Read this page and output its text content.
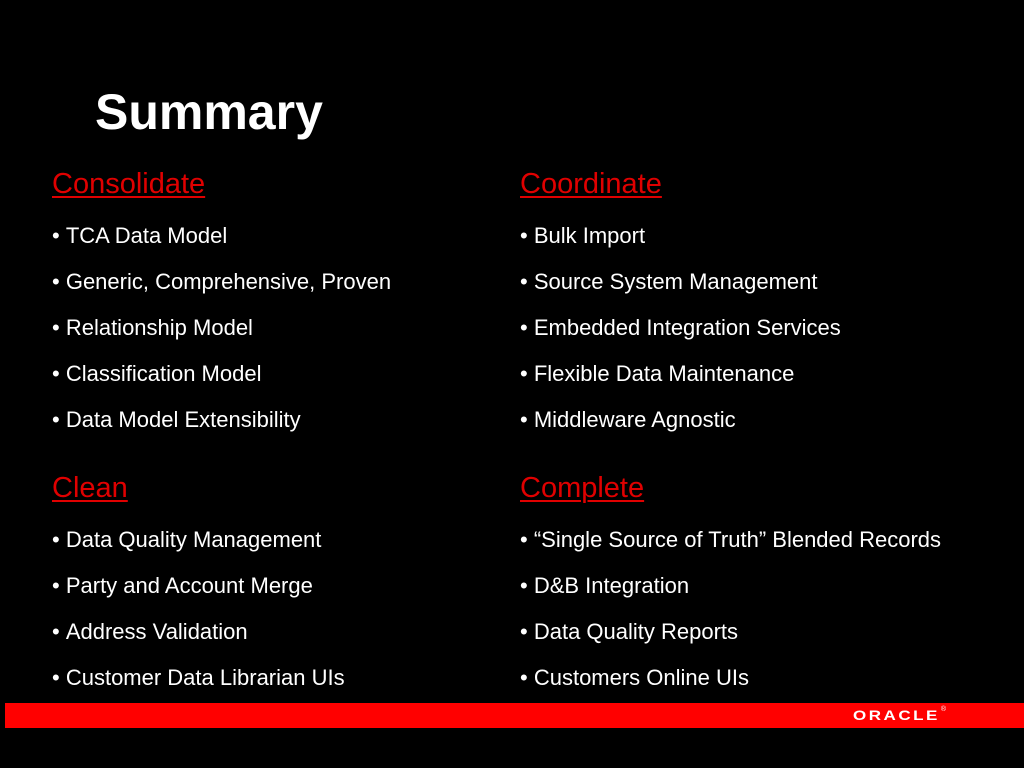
Summary
Consolidate
• TCA Data Model
• Generic, Comprehensive, Proven
• Relationship Model
• Classification Model
• Data Model Extensibility
Coordinate
• Bulk Import
• Source System Management
• Embedded Integration Services
• Flexible Data Maintenance
• Middleware Agnostic
Clean
• Data Quality Management
• Party and Account Merge
• Address Validation
• Customer Data Librarian UIs
Complete
• “Single Source of Truth” Blended Records
• D&B Integration
• Data Quality Reports
• Customers Online UIs
ORACLE ®
